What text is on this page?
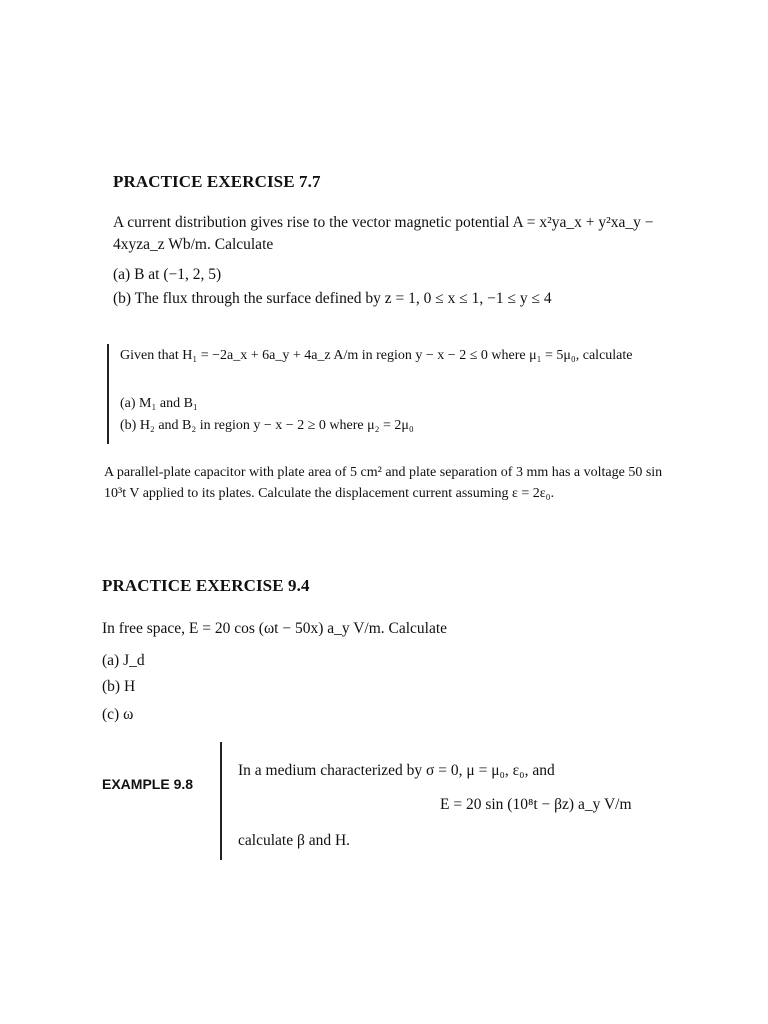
PRACTICE EXERCISE 7.7
A current distribution gives rise to the vector magnetic potential A = x²ya_x + y²xa_y − 4xyza_z Wb/m. Calculate
(a) B at (−1, 2, 5)
(b) The flux through the surface defined by z = 1, 0 ≤ x ≤ 1, −1 ≤ y ≤ 4
Given that H₁ = −2a_x + 6a_y + 4a_z A/m in region y − x − 2 ≤ 0 where μ₁ = 5μ₀, calculate
(a) M₁ and B₁
(b) H₂ and B₂ in region y − x − 2 ≥ 0 where μ₂ = 2μ₀
A parallel-plate capacitor with plate area of 5 cm² and plate separation of 3 mm has a voltage 50 sin 10³t V applied to its plates. Calculate the displacement current assuming ε = 2ε₀.
PRACTICE EXERCISE 9.4
In free space, E = 20 cos (ωt − 50x) a_y V/m. Calculate
(a) J_d
(b) H
(c) ω
EXAMPLE 9.8
In a medium characterized by σ = 0, μ = μ₀, ε₀, and
E = 20 sin (10⁸t − βz) a_y V/m
calculate β and H.
